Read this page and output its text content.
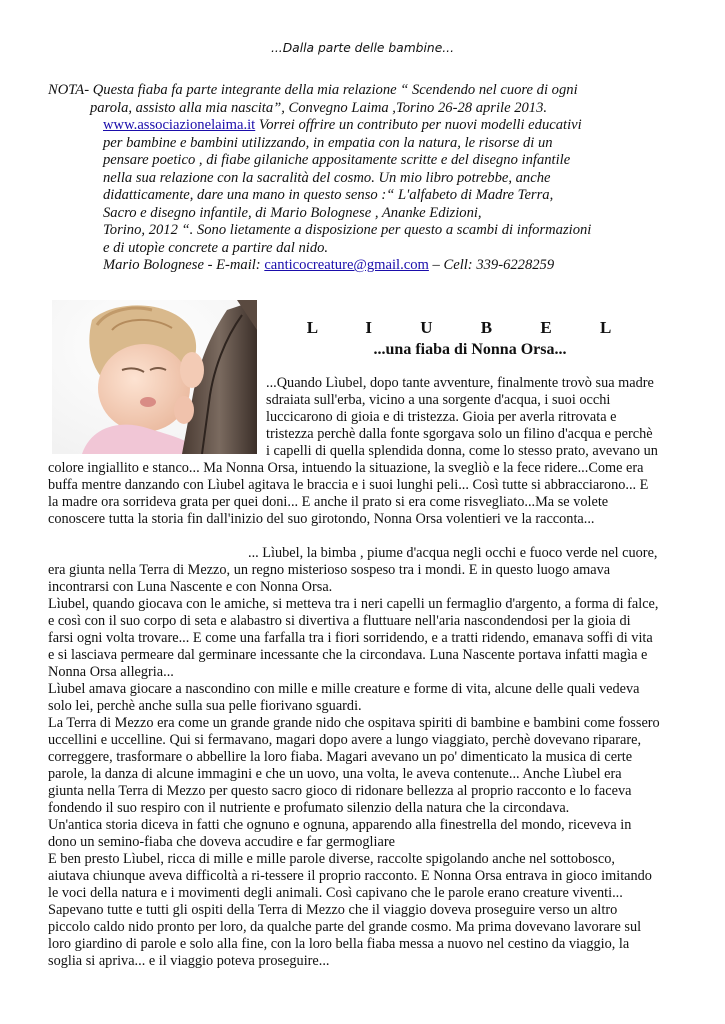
...Dalla parte delle bambine...
NOTA- Questa fiaba fa parte integrante della mia relazione “ Scendendo nel cuore di ogni
parola, assisto alla mia nascita”, Convegno Laima ,Torino 26-28 aprile 2013.
www.associazionelaima.it Vorrei offrire un contributo per nuovi modelli educativi
per bambine e bambini utilizzando, in empatia con la natura, le risorse di un
pensare poetico , di fiabe gilaniche appositamente scritte e del disegno infantile
nella sua relazione con la sacralità del cosmo. Un mio libro potrebbe, anche
didatticamente, dare una mano in questo senso :“ L'alfabeto di Madre Terra,
Sacro e disegno infantile, di Mario Bolognese , Ananke Edizioni,
Torino, 2012 “. Sono lietamente a disposizione per questo a scambi di informazioni
e di utopìe concrete a partire dal nido.
Mario Bolognese - E-mail: canticocreature@gmail.com – Cell: 339-6228259
L I U B E L
...una fiaba di Nonna Orsa...
...Quando Lìubel, dopo tante avventure, finalmente trovò sua madre
sdraiata sull'erba, vicino a una sorgente d'acqua, i suoi occhi
luccicarono di gioia e di tristezza. Gioia per averla ritrovata e
tristezza perchè dalla fonte sgorgava solo un filino d'acqua e perchè
i capelli di quella splendida donna, come lo stesso prato, avevano un
colore ingiallito e stanco... Ma Nonna Orsa, intuendo la situazione, la svegliò e la fece ridere...Come era
buffa mentre danzando con Lìubel agitava le braccia e i suoi lunghi peli... Così tutte si abbracciarono... E
la madre ora sorrideva grata per quei doni... E anche il prato si era come risvegliato...Ma se volete
conoscere tutta la storia fin dall'inizio del suo girotondo, Nonna Orsa volentieri ve la racconta...
... Lìubel, la bimba , piume d'acqua negli occhi e fuoco verde nel cuore,
era giunta nella Terra di Mezzo, un regno misterioso sospeso tra i mondi. E in questo luogo amava
incontrarsi con Luna Nascente e con Nonna Orsa.
Lìubel, quando giocava con le amiche, si metteva tra i neri capelli un fermaglio d'argento, a forma di falce,
e così con il suo corpo di seta e alabastro si divertiva a fluttuare nell'aria nascondendosi per la gioia di
farsi ogni volta trovare... E come una farfalla tra i fiori sorridendo, e a tratti ridendo, emanava soffi di vita
e si lasciava permeare dal germinare incessante che la circondava. Luna Nascente portava infatti magìa e
Nonna Orsa allegria...
Lìubel amava giocare a nascondino con mille e mille creature e forme di vita, alcune delle quali vedeva
solo lei, perchè anche sulla sua pelle fiorivano sguardi.
La Terra di Mezzo era come un grande grande nido che ospitava spiriti di bambine e bambini come fossero
uccellini e uccelline. Qui si fermavano, magari dopo avere a lungo viaggiato, perchè dovevano riparare,
correggere, trasformare o abbellire la loro fiaba. Magari avevano un po' dimenticato la musica di certe
parole, la danza di alcune immagini e che un uovo, una volta, le aveva contenute... Anche Lìubel era
giunta nella Terra di Mezzo per questo sacro gioco di ridonare bellezza al proprio racconto e lo faceva
fondendo il suo respiro con il nutriente e profumato silenzio della natura che la circondava.
Un'antica storia diceva in fatti che ognuno e ognuna, apparendo alla finestrella del mondo, riceveva in
dono un semino-fiaba che doveva accudire e far germogliare
E ben presto Lìubel, ricca di mille e mille parole diverse, raccolte spigolando anche nel sottobosco,
aiutava chiunque aveva difficoltà a ri-tessere il proprio racconto. E Nonna Orsa entrava in gioco imitando
le voci della natura e i movimenti degli animali. Così capivano che le parole erano creature viventi...
Sapevano tutte e tutti gli ospiti della Terra di Mezzo che il viaggio doveva proseguire verso un altro
piccolo caldo nido pronto per loro, da qualche parte del grande cosmo. Ma prima dovevano lavorare sul
loro giardino di parole e solo alla fine, con la loro bella fiaba messa a nuovo nel cestino da viaggio, la
soglia si apriva... e il viaggio poteva proseguire...
